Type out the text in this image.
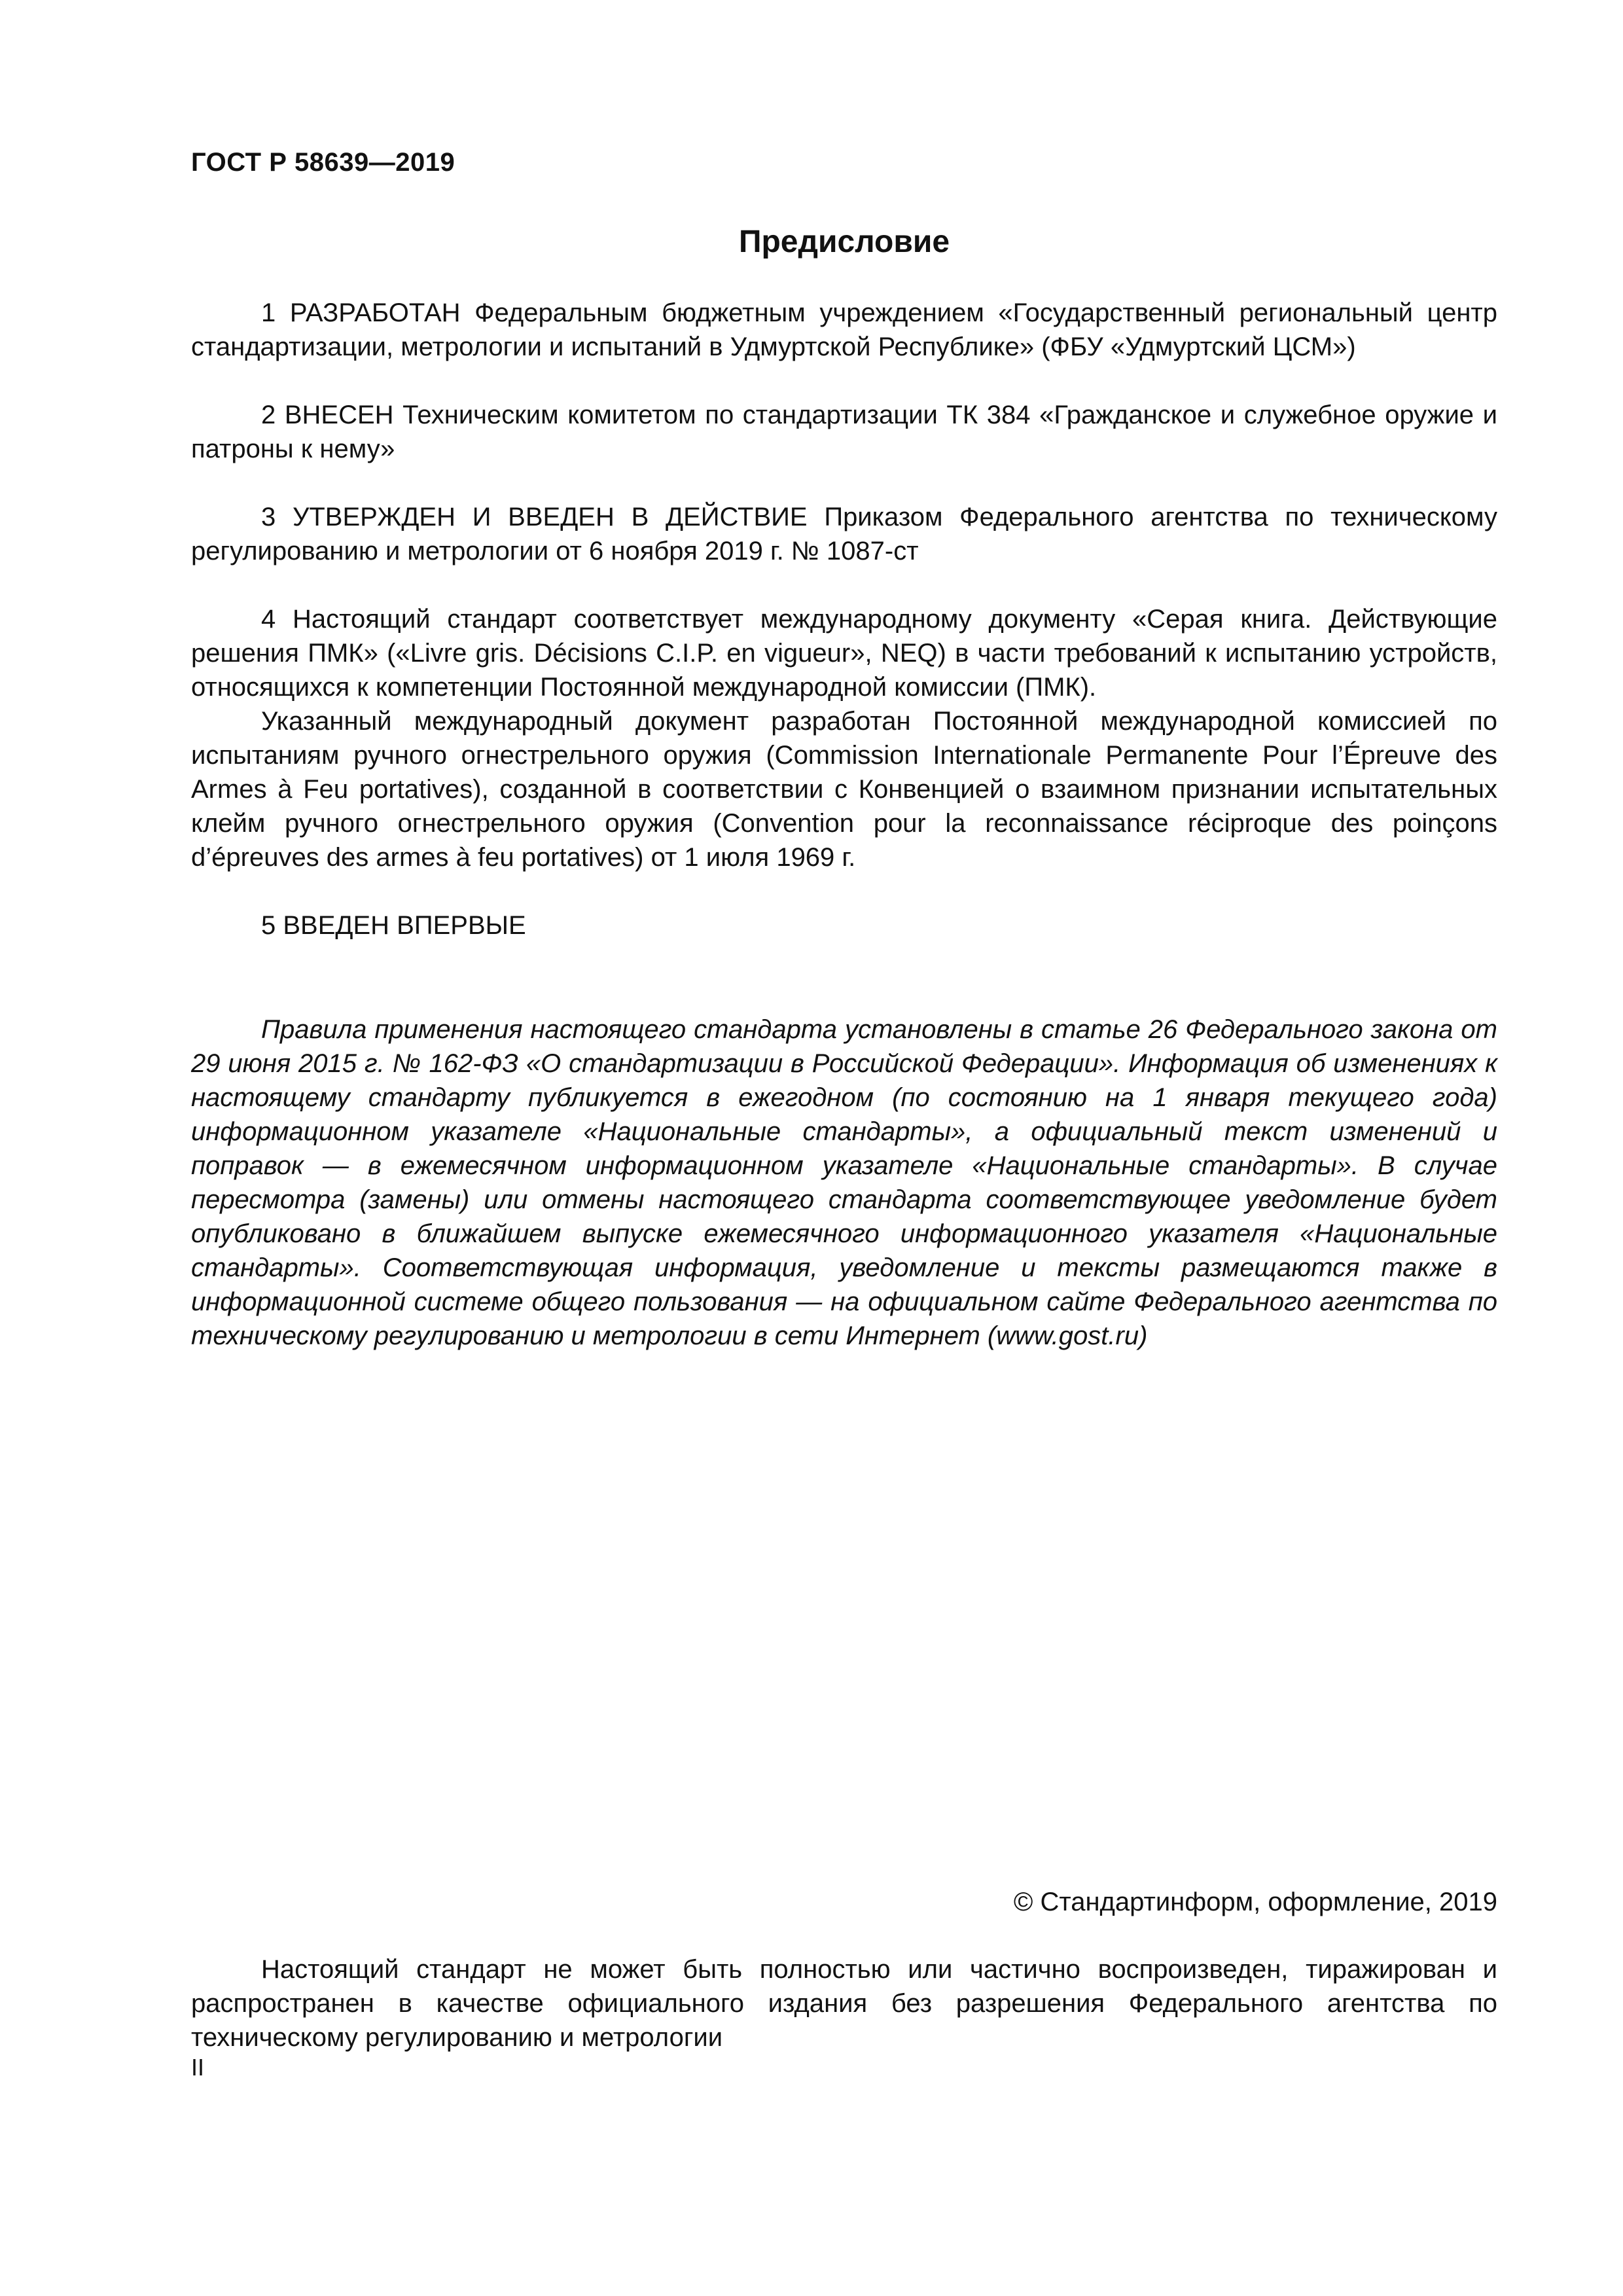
ГОСТ Р 58639—2019
Предисловие

1 РАЗРАБОТАН Федеральным бюджетным учреждением «Государственный региональный центр стандартизации, метрологии и испытаний в Удмуртской Республике» (ФБУ «Удмуртский ЦСМ»)

2 ВНЕСЕН Техническим комитетом по стандартизации ТК 384 «Гражданское и служебное оружие и патроны к нему»

3 УТВЕРЖДЕН И ВВЕДЕН В ДЕЙСТВИЕ Приказом Федерального агентства по техническому регулированию и метрологии от 6 ноября 2019 г. № 1087-ст

4 Настоящий стандарт соответствует международному документу «Серая книга. Действующие решения ПМК» («Livre gris. Décisions C.I.P. en vigueur», NEQ) в части требований к испытанию устройств, относящихся к компетенции Постоянной международной комиссии (ПМК).

Указанный международный документ разработан Постоянной международной комиссией по испытаниям ручного огнестрельного оружия (Commission Internationale Permanente Pour l’Épreuve des Armes à Feu portatives), созданной в соответствии с Конвенцией о взаимном признании испытательных клейм ручного огнестрельного оружия (Convention pour la reconnaissance réciproque des poinçons d’épreuves des armes à feu portatives) от 1 июля 1969 г.

5 ВВЕДЕН ВПЕРВЫЕ

Правила применения настоящего стандарта установлены в статье 26 Федерального закона от 29 июня 2015 г. № 162-ФЗ «О стандартизации в Российской Федерации». Информация об изменениях к настоящему стандарту публикуется в ежегодном (по состоянию на 1 января текущего года) информационном указателе «Национальные стандарты», а официальный текст изменений и поправок — в ежемесячном информационном указателе «Национальные стандарты». В случае пересмотра (замены) или отмены настоящего стандарта соответствующее уведомление будет опубликовано в ближайшем выпуске ежемесячного информационного указателя «Национальные стандарты». Соответствующая информация, уведомление и тексты размещаются также в информационной системе общего пользования — на официальном сайте Федерального агентства по техническому регулированию и метрологии в сети Интернет (www.gost.ru)

© Стандартинформ, оформление, 2019

Настоящий стандарт не может быть полностью или частично воспроизведен, тиражирован и распространен в качестве официального издания без разрешения Федерального агентства по техническому регулированию и метрологии

II
